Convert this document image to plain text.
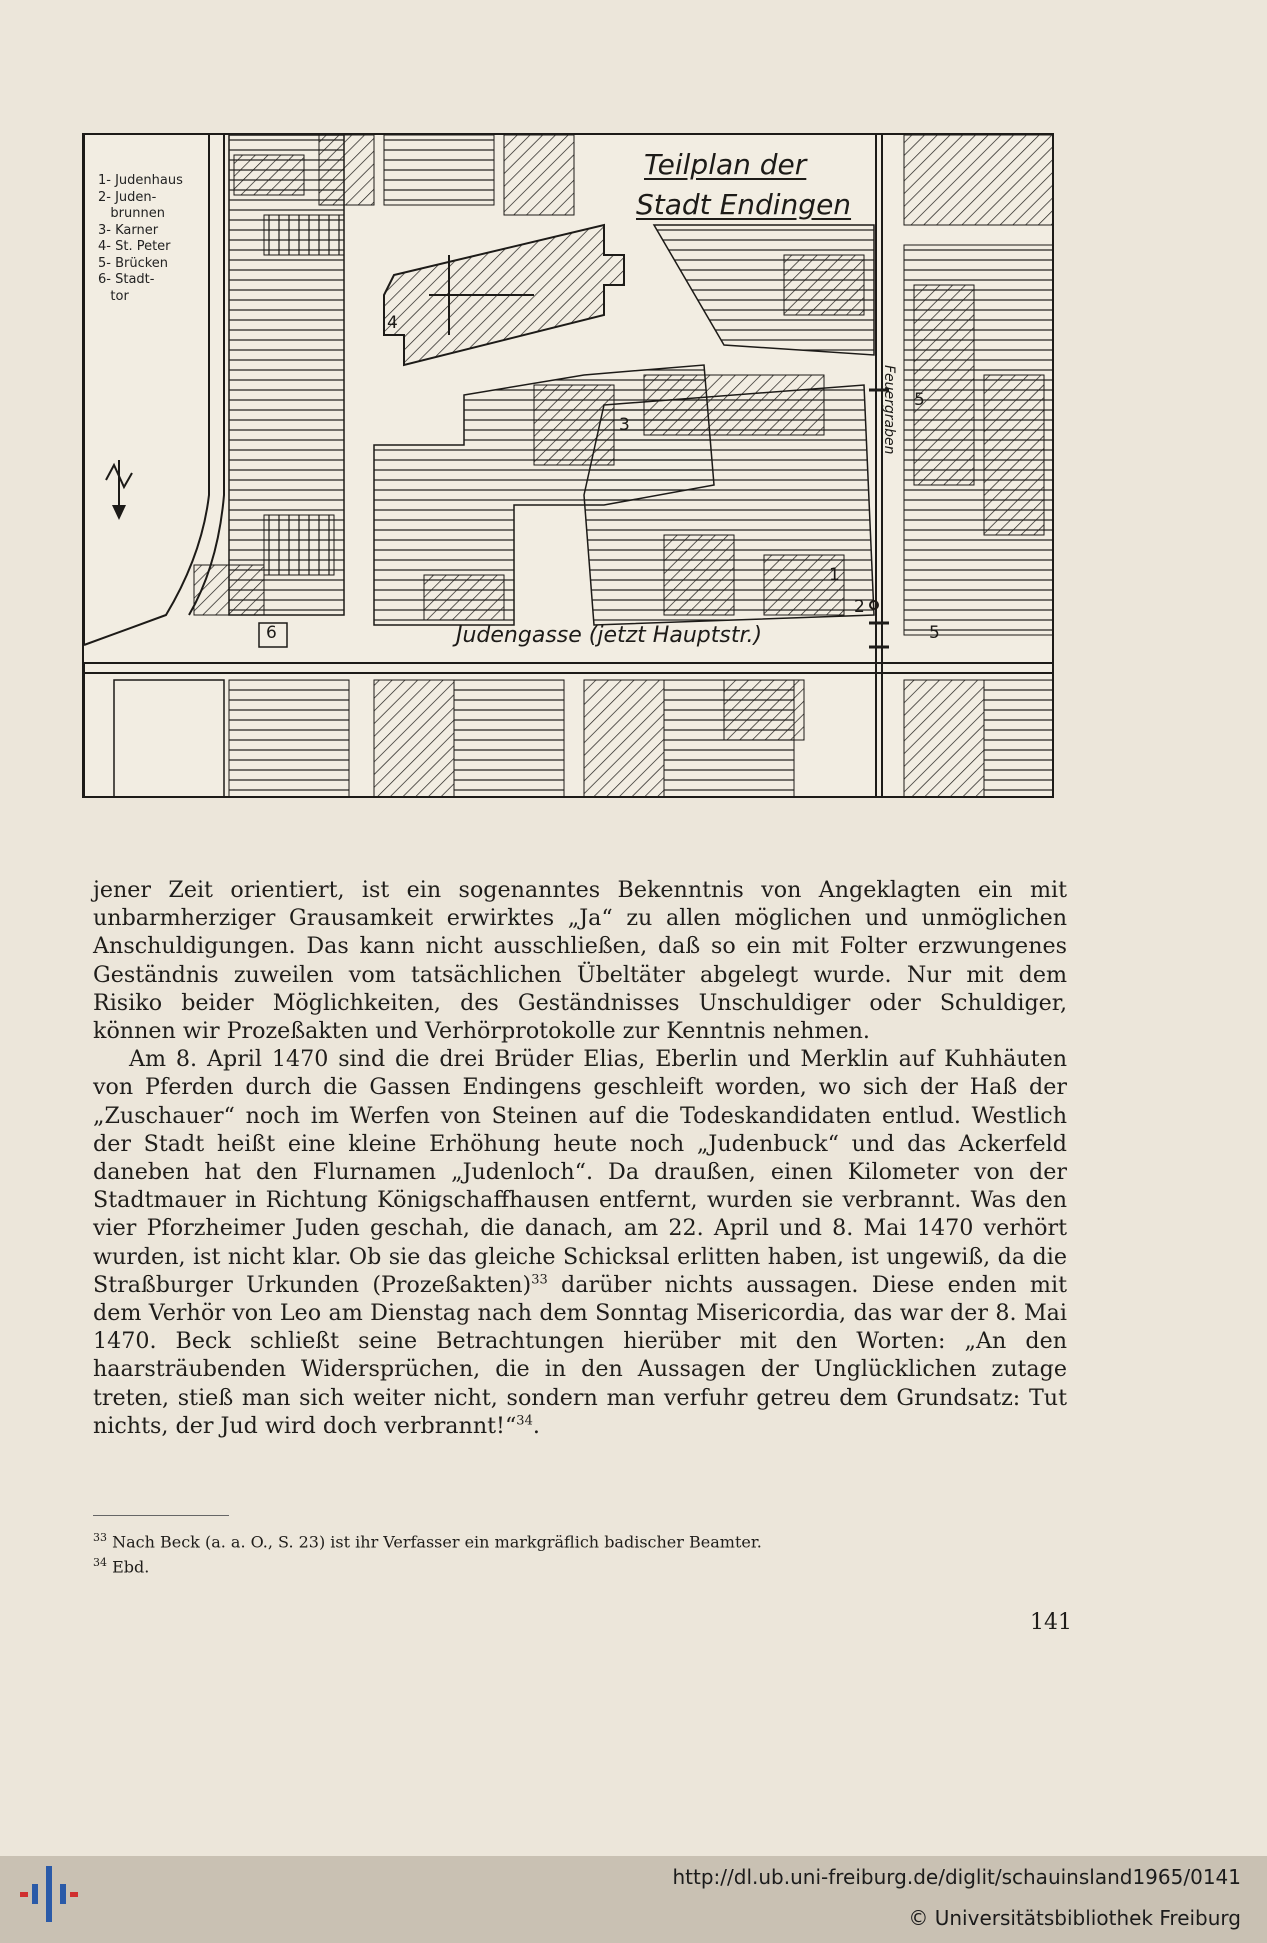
1- Judenhaus
2- Juden-
brunnen
3- Karner
4- St. Peter
5- Brücken
6- Stadt-
tor
Teilplan der
Stadt Endingen
Judengasse (jetzt Hauptstr.)
Feuergraben
1
2
3
4
5
5
6

jener Zeit orientiert, ist ein sogenanntes Bekenntnis von Angeklagten ein mit unbarmherziger Grausamkeit erwirktes „Ja“ zu allen möglichen und unmöglichen Anschuldigungen. Das kann nicht ausschließen, daß so ein mit Folter erzwungenes Geständnis zuweilen vom tatsächlichen Übeltäter abgelegt wurde. Nur mit dem Risiko beider Möglichkeiten, des Geständnisses Unschuldiger oder Schuldiger, können wir Prozeßakten und Verhörprotokolle zur Kenntnis nehmen.

Am 8. April 1470 sind die drei Brüder Elias, Eberlin und Merklin auf Kuhhäuten von Pferden durch die Gassen Endingens geschleift worden, wo sich der Haß der „Zuschauer“ noch im Werfen von Steinen auf die Todeskandidaten entlud. Westlich der Stadt heißt eine kleine Erhöhung heute noch „Judenbuck“ und das Ackerfeld daneben hat den Flurnamen „Judenloch“. Da draußen, einen Kilometer von der Stadtmauer in Richtung Königschaffhausen entfernt, wurden sie verbrannt. Was den vier Pforzheimer Juden geschah, die danach, am 22. April und 8. Mai 1470 verhört wurden, ist nicht klar. Ob sie das gleiche Schicksal erlitten haben, ist ungewiß, da die Straßburger Urkunden (Prozeßakten)$^{33}$ darüber nichts aussagen. Diese enden mit dem Verhör von Leo am Dienstag nach dem Sonntag Misericordia, das war der 8. Mai 1470. Beck schließt seine Betrachtungen hierüber mit den Worten: „An den haarsträubenden Widersprüchen, die in den Aussagen der Unglücklichen zutage treten, stieß man sich weiter nicht, sondern man verfuhr getreu dem Grundsatz: Tut nichts, der Jud wird doch verbrannt!“$^{34}$.

$^{33}$ Nach Beck (a. a. O., S. 23) ist ihr Verfasser ein markgräflich badischer Beamter.
$^{34}$ Ebd.
141
http://dl.ub.uni-freiburg.de/diglit/schauinsland1965/0141
© Universitätsbibliothek Freiburg
